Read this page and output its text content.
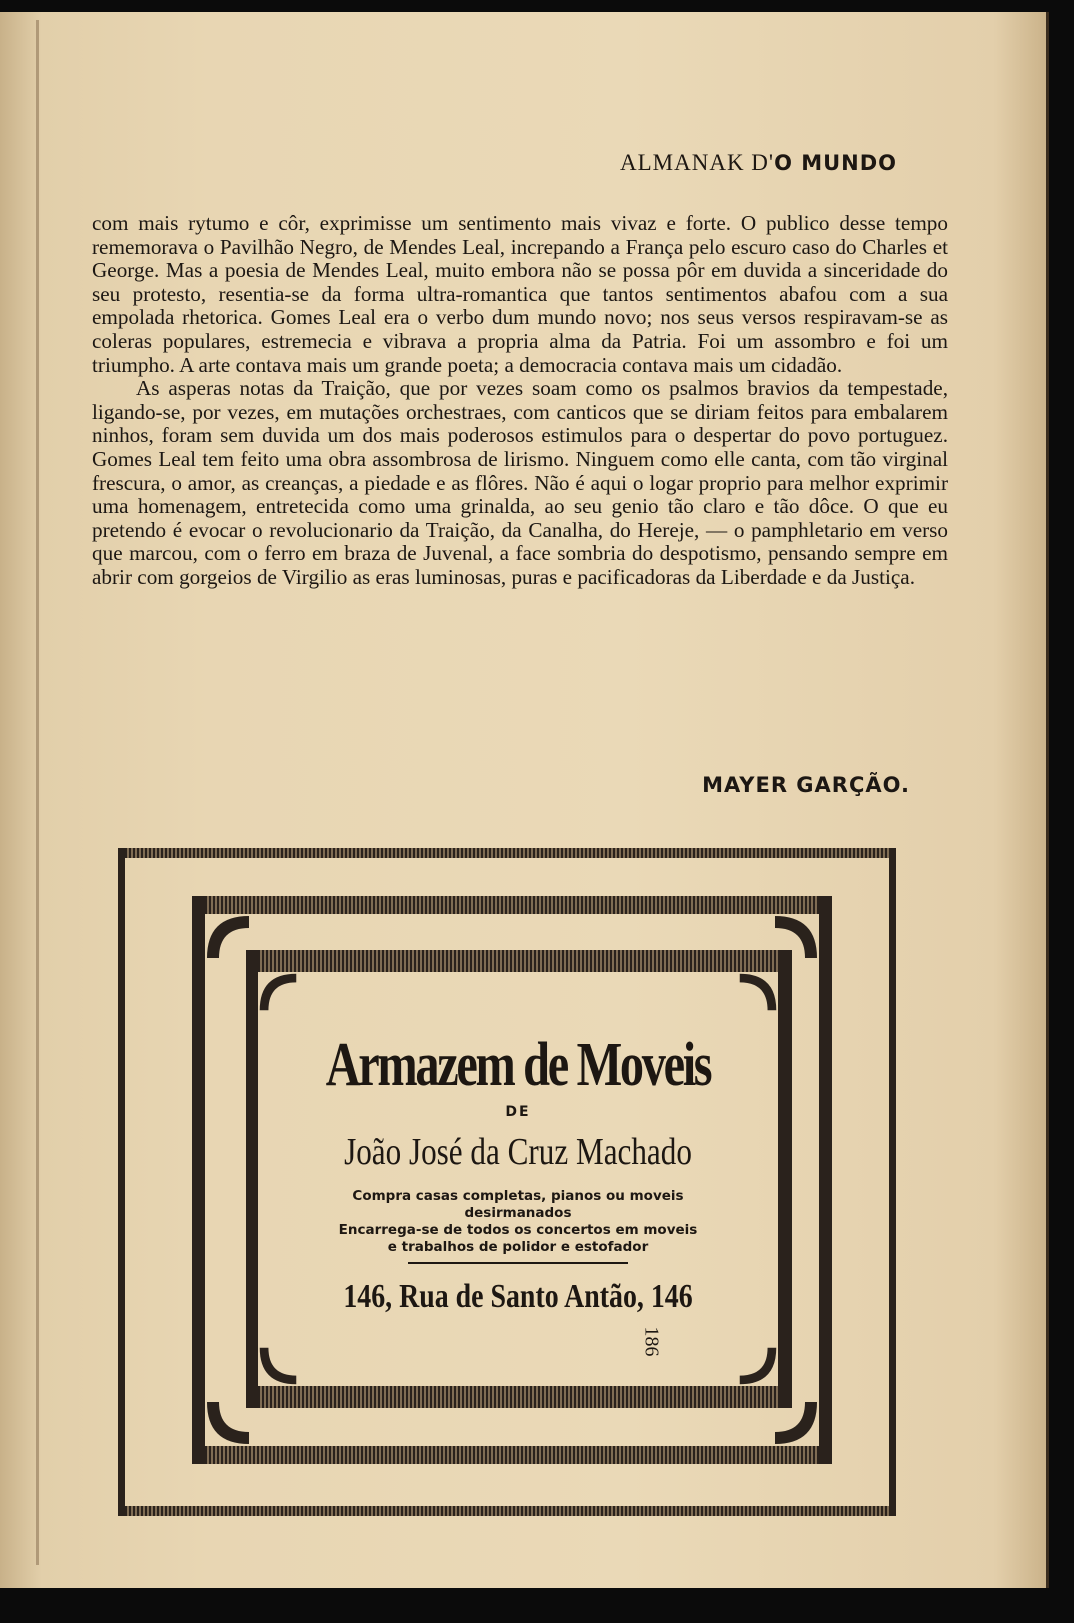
ALMANAK D'O MUNDO

com mais rytumo e côr, exprimisse um sentimento mais vivaz e forte. O publico desse tempo rememorava o Pavilhão Negro, de Mendes Leal, increpando a França pelo escuro caso do Charles et George. Mas a poesia de Mendes Leal, muito embora não se possa pôr em duvida a sinceridade do seu protesto, resentia-se da forma ultra-romantica que tantos sentimentos abafou com a sua empolada rhetorica. Gomes Leal era o verbo dum mundo novo; nos seus versos respiravam-se as coleras populares, estremecia e vibrava a propria alma da Patria. Foi um assombro e foi um triumpho. A arte contava mais um grande poeta; a democracia contava mais um cidadão.

As asperas notas da Traição, que por vezes soam como os psalmos bravios da tempestade, ligando-se, por vezes, em mutações orchestraes, com canticos que se diriam feitos para embalarem ninhos, foram sem duvida um dos mais poderosos estimulos para o despertar do povo portuguez. Gomes Leal tem feito uma obra assombrosa de lirismo. Ninguem como elle canta, com tão virginal frescura, o amor, as creanças, a piedade e as flôres. Não é aqui o logar proprio para melhor exprimir uma homenagem, entretecida como uma grinalda, ao seu genio tão claro e tão dôce. O que eu pretendo é evocar o revolucionario da Traição, da Canalha, do Hereje, — o pamphletario em verso que marcou, com o ferro em braza de Juvenal, a face sombria do despotismo, pensando sempre em abrir com gorgeios de Virgilio as eras luminosas, puras e pacificadoras da Liberdade e da Justiça.

MAYER GARÇÃO.
Armazem de Moveis
DE
João José da Cruz Machado
Compra casas completas, pianos ou moveis
desirmanados
Encarrega-se de todos os concertos em moveis
e trabalhos de polidor e estofador
146, Rua de Santo Antão, 146
186
